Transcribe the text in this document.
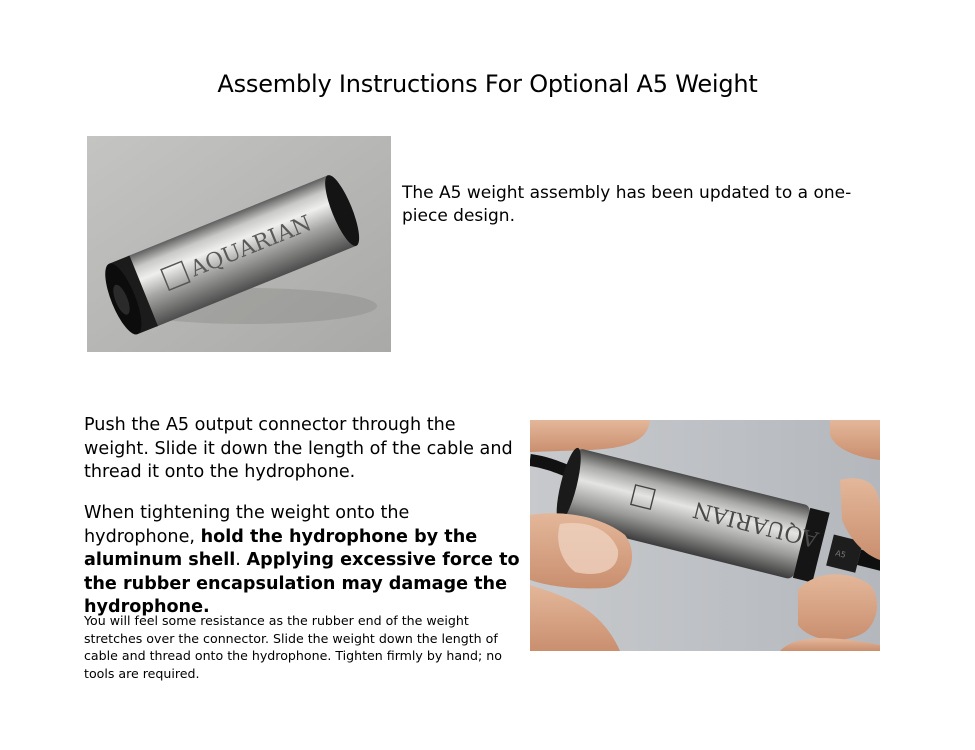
Assembly Instructions For Optional A5 Weight
AQUARIAN
The A5 weight assembly has been updated to a one-piece design.
Push the A5 output connector through the weight. Slide it down the length of the cable and thread it onto the hydrophone.
When tightening the weight onto the hydrophone, hold the hydrophone by the aluminum shell. Applying excessive force to the rubber encapsulation may damage the hydrophone.
You will feel some resistance as the rubber end of the weight stretches over the connector. Slide the weight down the length of cable and thread onto the hydrophone. Tighten firmly by hand; no tools are required.
AQUARIAN
A5
